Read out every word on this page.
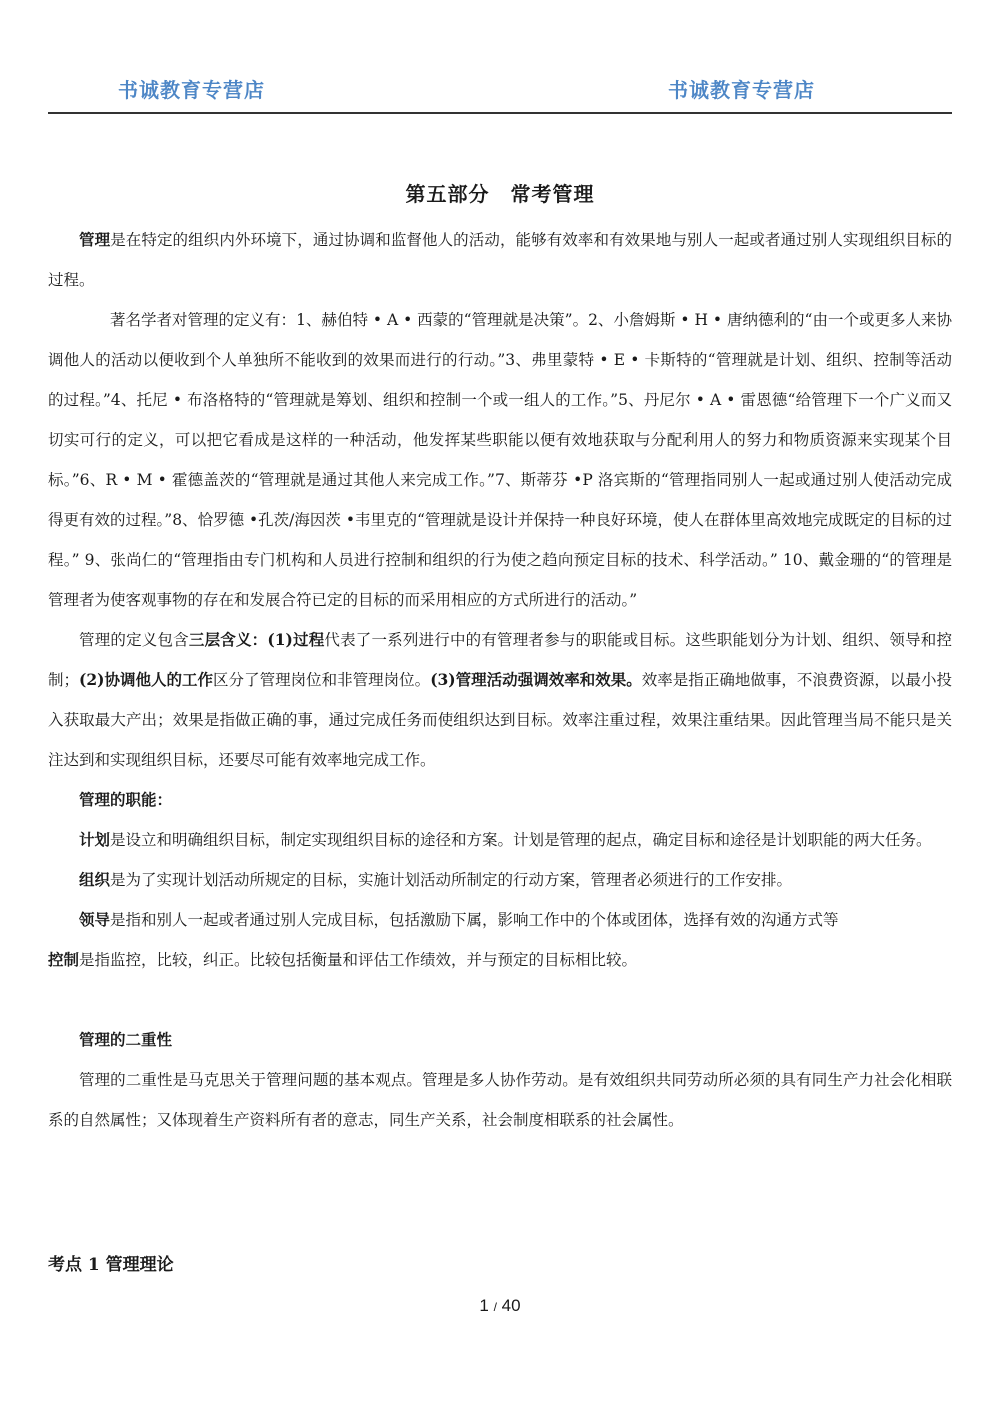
书诚教育专营店	书诚教育专营店
第五部分　常考管理

管理是在特定的组织内外环境下，通过协调和监督他人的活动，能够有效率和有效果地与别人一起或者通过别人实现组织目标的过程。

著名学者对管理的定义有：1、赫伯特 • A • 西蒙的“管理就是决策”。2、小詹姆斯 • H • 唐纳德利的“由一个或更多人来协调他人的活动以便收到个人单独所不能收到的效果而进行的行动。”3、弗里蒙特 • E • 卡斯特的“管理就是计划、组织、控制等活动的过程。”4、托尼 • 布洛格特的“管理就是筹划、组织和控制一个或一组人的工作。”5、丹尼尔 • A • 雷恩德“给管理下一个广义而又切实可行的定义，可以把它看成是这样的一种活动，他发挥某些职能以便有效地获取与分配利用人的努力和物质资源来实现某个目标。”6、R • M • 霍德盖茨的“管理就是通过其他人来完成工作。”7、斯蒂芬 •P 洛宾斯的“管理指同别人一起或通过别人使活动完成得更有效的过程。”8、恰罗德 •孔茨/海因茨 •韦里克的“管理就是设计并保持一种良好环境，使人在群体里高效地完成既定的目标的过程。” 9、张尚仁的“管理指由专门机构和人员进行控制和组织的行为使之趋向预定目标的技术、科学活动。” 10、戴金珊的“的管理是管理者为使客观事物的存在和发展合符已定的目标的而采用相应的方式所进行的活动。”

管理的定义包含三层含义：(1)过程代表了一系列进行中的有管理者参与的职能或目标。这些职能划分为计划、组织、领导和控制；(2)协调他人的工作区分了管理岗位和非管理岗位。(3)管理活动强调效率和效果。效率是指正确地做事，不浪费资源，以最小投入获取最大产出；效果是指做正确的事，通过完成任务而使组织达到目标。效率注重过程，效果注重结果。因此管理当局不能只是关注达到和实现组织目标，还要尽可能有效率地完成工作。

管理的职能：

计划是设立和明确组织目标，制定实现组织目标的途径和方案。计划是管理的起点，确定目标和途径是计划职能的两大任务。

组织是为了实现计划活动所规定的目标，实施计划活动所制定的行动方案，管理者必须进行的工作安排。

领导是指和别人一起或者通过别人完成目标，包括激励下属，影响工作中的个体或团体，选择有效的沟通方式等

控制是指监控，比较，纠正。比较包括衡量和评估工作绩效，并与预定的目标相比较。

管理的二重性

管理的二重性是马克思关于管理问题的基本观点。管理是多人协作劳动。是有效组织共同劳动所必须的具有同生产力社会化相联系的自然属性；又体现着生产资料所有者的意志，同生产关系，社会制度相联系的社会属性。

考点 1 管理理论
1 / 40
